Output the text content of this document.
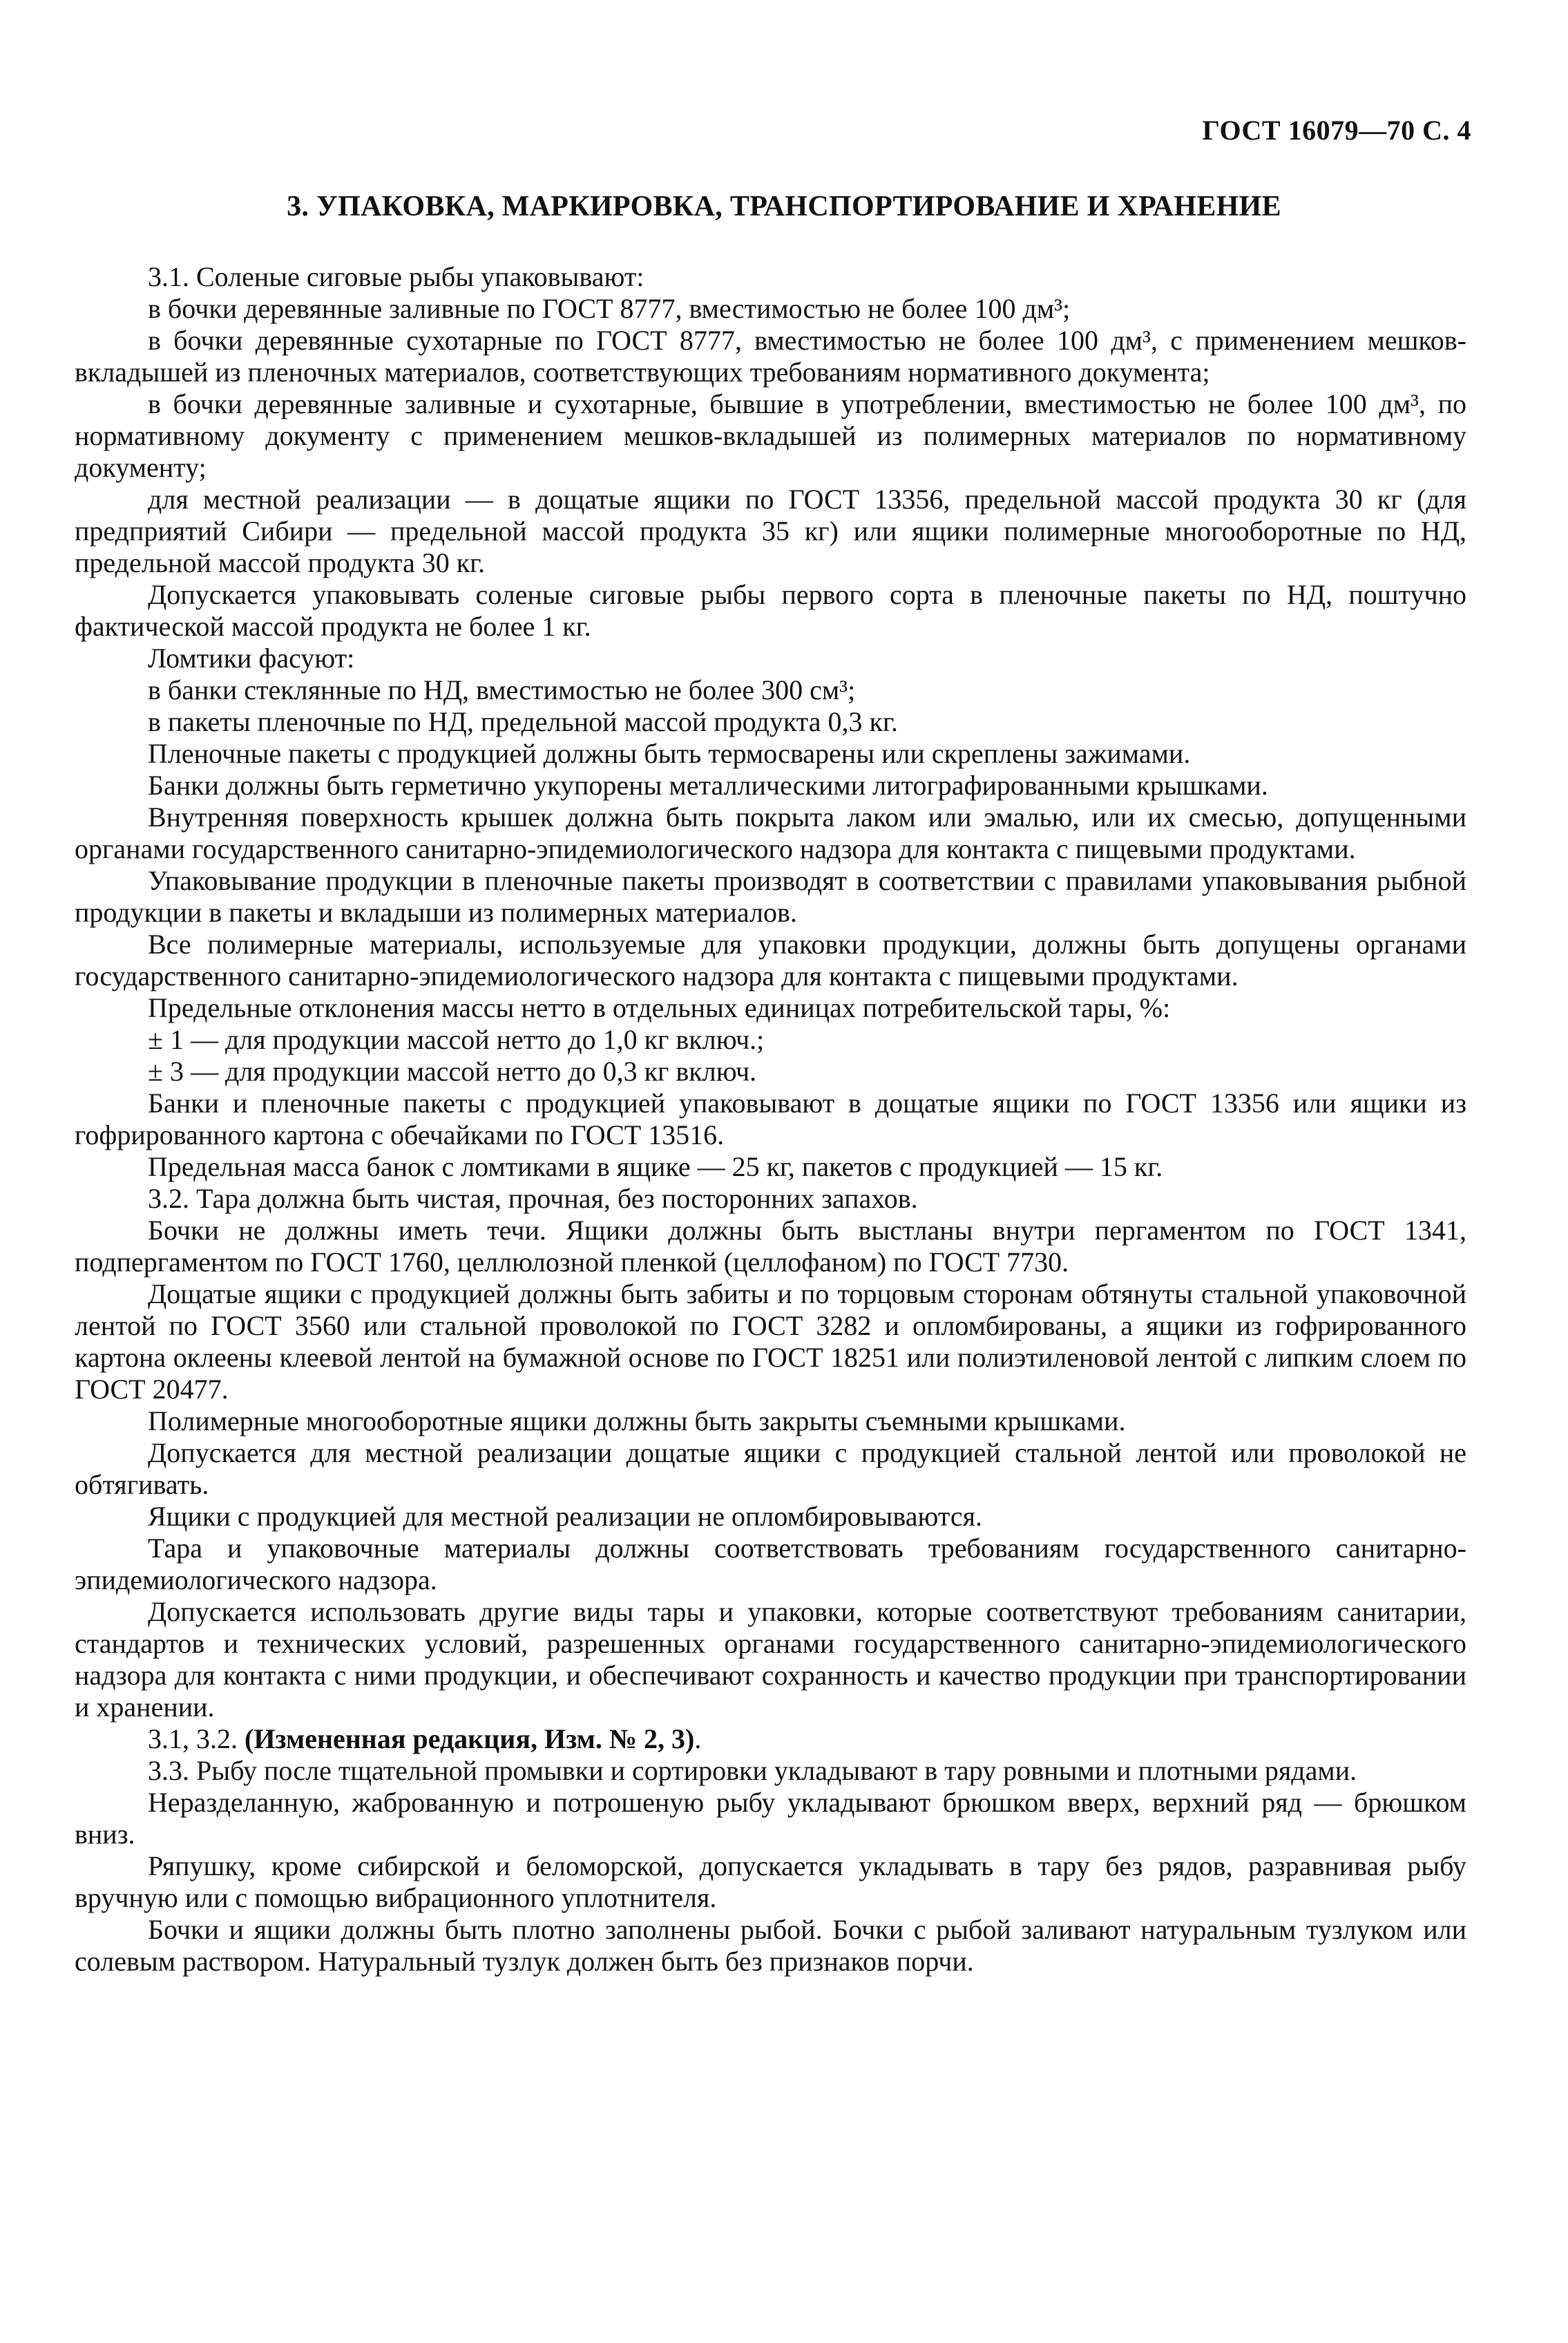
ГОСТ 16079—70 С. 4
3. УПАКОВКА, МАРКИРОВКА, ТРАНСПОРТИРОВАНИЕ И ХРАНЕНИЕ

3.1. Соленые сиговые рыбы упаковывают:

в бочки деревянные заливные по ГОСТ 8777, вместимостью не более 100 дм³;

в бочки деревянные сухотарные по ГОСТ 8777, вместимостью не более 100 дм³, с применением мешков-вкладышей из пленочных материалов, соответствующих требованиям нормативного документа;

в бочки деревянные заливные и сухотарные, бывшие в употреблении, вместимостью не более 100 дм³, по нормативному документу с применением мешков-вкладышей из полимерных материалов по нормативному документу;

для местной реализации — в дощатые ящики по ГОСТ 13356, предельной массой продукта 30 кг (для предприятий Сибири — предельной массой продукта 35 кг) или ящики полимерные многооборотные по НД, предельной массой продукта 30 кг.

Допускается упаковывать соленые сиговые рыбы первого сорта в пленочные пакеты по НД, поштучно фактической массой продукта не более 1 кг.

Ломтики фасуют:

в банки стеклянные по НД, вместимостью не более 300 см³;

в пакеты пленочные по НД, предельной массой продукта 0,3 кг.

Пленочные пакеты с продукцией должны быть термосварены или скреплены зажимами.

Банки должны быть герметично укупорены металлическими литографированными крышками.

Внутренняя поверхность крышек должна быть покрыта лаком или эмалью, или их смесью, допущенными органами государственного санитарно-эпидемиологического надзора для контакта с пищевыми продуктами.

Упаковывание продукции в пленочные пакеты производят в соответствии с правилами упаковывания рыбной продукции в пакеты и вкладыши из полимерных материалов.

Все полимерные материалы, используемые для упаковки продукции, должны быть допущены органами государственного санитарно-эпидемиологического надзора для контакта с пищевыми продуктами.

Предельные отклонения массы нетто в отдельных единицах потребительской тары, %:

± 1 — для продукции массой нетто до 1,0 кг включ.;

± 3 — для продукции массой нетто до 0,3 кг включ.

Банки и пленочные пакеты с продукцией упаковывают в дощатые ящики по ГОСТ 13356 или ящики из гофрированного картона с обечайками по ГОСТ 13516.

Предельная масса банок с ломтиками в ящике — 25 кг, пакетов с продукцией — 15 кг.

3.2. Тара должна быть чистая, прочная, без посторонних запахов.

Бочки не должны иметь течи. Ящики должны быть выстланы внутри пергаментом по ГОСТ 1341, подпергаментом по ГОСТ 1760, целлюлозной пленкой (целлофаном) по ГОСТ 7730.

Дощатые ящики с продукцией должны быть забиты и по торцовым сторонам обтянуты стальной упаковочной лентой по ГОСТ 3560 или стальной проволокой по ГОСТ 3282 и опломбированы, а ящики из гофрированного картона оклеены клеевой лентой на бумажной основе по ГОСТ 18251 или полиэтиленовой лентой с липким слоем по ГОСТ 20477.

Полимерные многооборотные ящики должны быть закрыты съемными крышками.

Допускается для местной реализации дощатые ящики с продукцией стальной лентой или проволокой не обтягивать.

Ящики с продукцией для местной реализации не опломбировываются.

Тара и упаковочные материалы должны соответствовать требованиям государственного санитарно-эпидемиологического надзора.

Допускается использовать другие виды тары и упаковки, которые соответствуют требованиям санитарии, стандартов и технических условий, разрешенных органами государственного санитарно-эпидемиологического надзора для контакта с ними продукции, и обеспечивают сохранность и качество продукции при транспортировании и хранении.

3.1, 3.2. (Измененная редакция, Изм. № 2, 3).

3.3. Рыбу после тщательной промывки и сортировки укладывают в тару ровными и плотными рядами.

Неразделанную, жаброванную и потрошеную рыбу укладывают брюшком вверх, верхний ряд — брюшком вниз.

Ряпушку, кроме сибирской и беломорской, допускается укладывать в тару без рядов, разравнивая рыбу вручную или с помощью вибрационного уплотнителя.

Бочки и ящики должны быть плотно заполнены рыбой. Бочки с рыбой заливают натуральным тузлуком или солевым раствором. Натуральный тузлук должен быть без признаков порчи.
